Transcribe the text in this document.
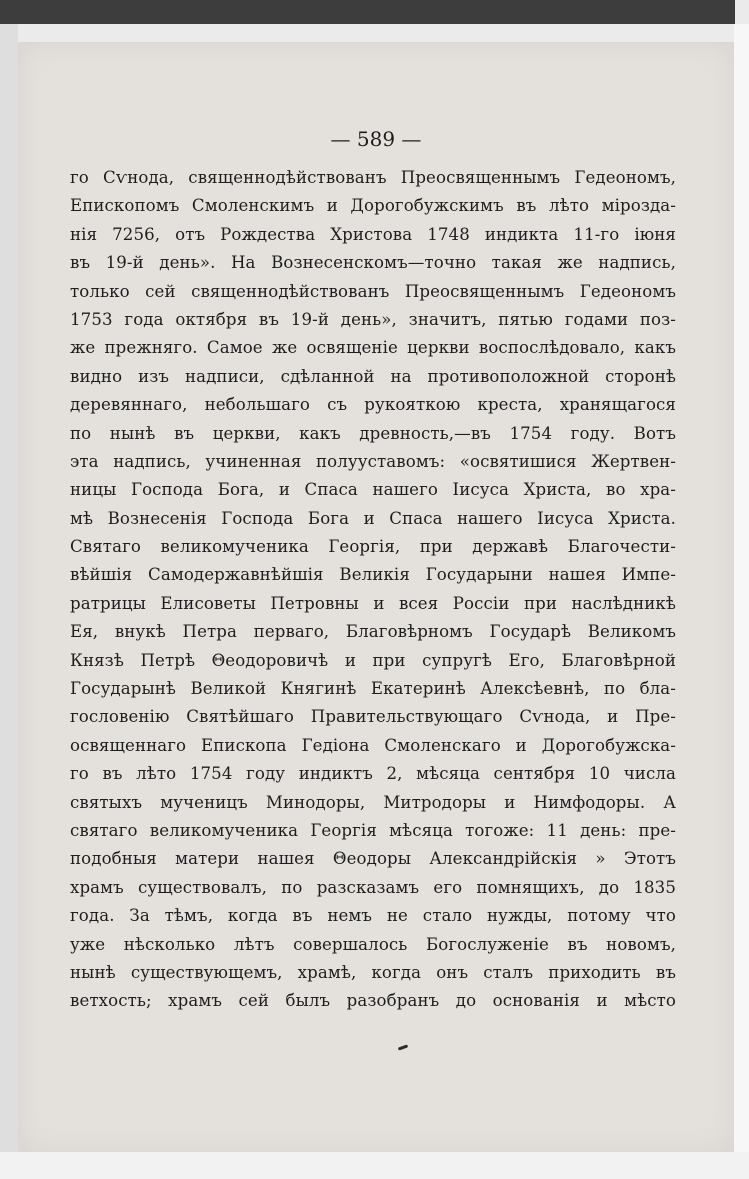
— 589 —
го Сѵнода, священнодѣйствованъ Преосвященнымъ Гедеономъ,
Епископомъ Смоленскимъ и Дорогобужскимъ въ лѣто мiрозда-
нiя 7256, отъ Рождества Христова 1748 индикта 11-го iюня
въ 19-й день». На Вознесенскомъ—точно такая же надпись,
только сей священнодѣйствованъ Преосвященнымъ Гедеономъ
1753 года октября въ 19-й день», значитъ, пятью годами поз-
же прежняго. Самое же освященiе церкви воспослѣдовало, какъ
видно изъ надписи, сдѣланной на противоположной сторонѣ
деревяннаго, небольшаго съ рукояткою креста, хранящагося
по нынѣ въ церкви, какъ древность,—въ 1754 году. Вотъ
эта надпись, учиненная полууставомъ: «освятишися Жертвен-
ницы Господа Бога, и Спаса нашего Iисуса Христа, во хра-
мѣ Вознесенiя Господа Бога и Спаса нашего Iисуса Христа.
Святаго великомученика Георгiя, при державѣ Благочести-
вѣйшiя Самодержавнѣйшiя Великiя Государыни нашея Импе-
ратрицы Елисоветы Петровны и всея Россiи при наслѣдникѣ
Ея, внукѣ Петра перваго, Благовѣрномъ Государѣ Великомъ
Князѣ Петрѣ Θеодоровичѣ и при супругѣ Его, Благовѣрной
Государынѣ Великой Княгинѣ Екатеринѣ Алексѣевнѣ, по бла-
гословенiю Святѣйшаго Правительствующаго Сѵнода, и Пре-
освященнаго Епископа Гедiона Смоленскаго и Дорогобужска-
го въ лѣто 1754 году индиктъ 2, мѣсяца сентября 10 числа
святыхъ мученицъ Минодоры, Митродоры и Нимфодоры. А
святаго великомученика Георгiя мѣсяца тогоже: 11 день: пре-
подобныя матери нашея Θеодоры Александрiйскiя » Этотъ
храмъ существовалъ, по разсказамъ его помнящихъ, до 1835
года. За тѣмъ, когда въ немъ не стало нужды, потому что
уже нѣсколько лѣтъ совершалось Богослуженiе въ новомъ,
нынѣ существующемъ, храмѣ, когда онъ сталъ приходить въ
ветхость; храмъ сей былъ разобранъ до основанiя и мѣсто
